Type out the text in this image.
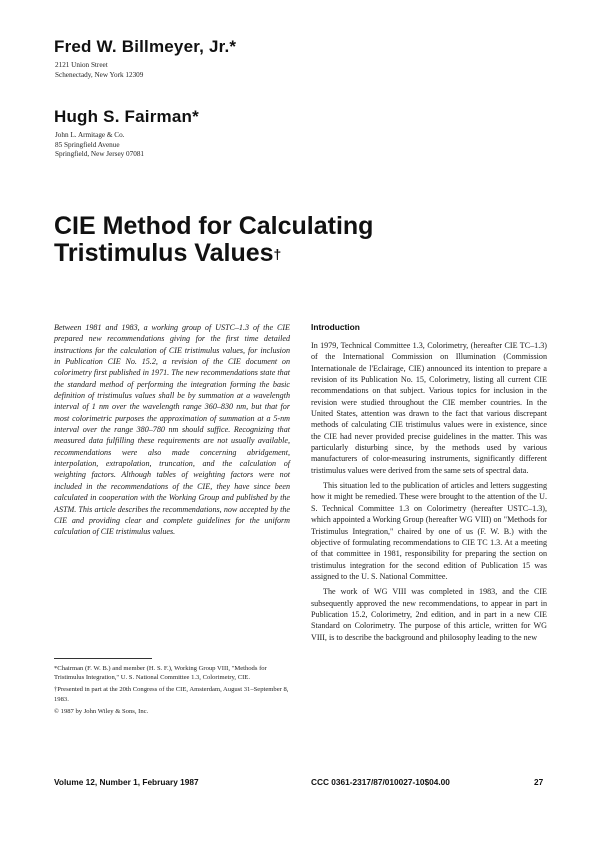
Fred W. Billmeyer, Jr.*
2121 Union Street
Schenectady, New York 12309
Hugh S. Fairman*
John L. Armitage & Co.
85 Springfield Avenue
Springfield, New Jersey 07081
CIE Method for Calculating
Tristimulus Values†

Between 1981 and 1983, a working group of USTC–1.3 of the CIE prepared new recommendations giving for the first time detailed instructions for the calculation of CIE tristimulus values, for inclusion in Publication CIE No. 15.2, a revision of the CIE document on colorimetry first published in 1971. The new recommendations state that the standard method of performing the integration forming the basic definition of tristimulus values shall be by summation at a wavelength interval of 1 nm over the wavelength range 360–830 nm, but that for most colorimetric purposes the approximation of summation at a 5-nm interval over the range 380–780 nm should suffice. Recognizing that measured data fulfilling these requirements are not usually available, recommendations were also made concerning abridgement, interpolation, extrapolation, truncation, and the calculation of weighting factors. Although tables of weighting factors were not included in the recommendations of the CIE, they have since been calculated in cooperation with the Working Group and published by the ASTM. This article describes the recommendations, now accepted by the CIE and providing clear and complete guidelines for the uniform calculation of CIE tristimulus values.

*Chairman (F. W. B.) and member (H. S. F.), Working Group VIII, "Methods for Tristimulus Integration," U. S. National Committee 1.3, Colorimetry, CIE.

†Presented in part at the 20th Congress of the CIE, Amsterdam, August 31–September 8, 1983.

© 1987 by John Wiley & Sons, Inc.

Introduction

In 1979, Technical Committee 1.3, Colorimetry, (hereafter CIE TC–1.3) of the International Commission on Illumination (Commission Internationale de l'Eclairage, CIE) announced its intention to prepare a revision of its Publication No. 15, Colorimetry, listing all current CIE recommendations on that subject. Various topics for inclusion in the revision were studied throughout the CIE member countries. In the United States, attention was drawn to the fact that various discrepant methods of calculating CIE tristimulus values were in existence, since the CIE had never provided precise guidelines in the matter. This was particularly disturbing since, by the methods used by various manufacturers of color-measuring instruments, significantly different tristimulus values were derived from the same sets of spectral data.

This situation led to the publication of articles and letters suggesting how it might be remedied. These were brought to the attention of the U. S. Technical Committee 1.3 on Colorimetry (hereafter USTC–1.3), which appointed a Working Group (hereafter WG VIII) on "Methods for Tristimulus Integration," chaired by one of us (F. W. B.) with the objective of formulating recommendations to CIE TC 1.3. At a meeting of that committee in 1981, responsibility for preparing the section on tristimulus integration for the second edition of Publication 15 was assigned to the U. S. National Committee.

The work of WG VIII was completed in 1983, and the CIE subsequently approved the new recommendations, to appear in part in Publication 15.2, Colorimetry, 2nd edition, and in part in a new CIE Standard on Colorimetry. The purpose of this article, written for WG VIII, is to describe the background and philosophy leading to the new

Volume 12, Number 1, February 1987	CCC 0361-2317/87/010027-10$04.00	27
